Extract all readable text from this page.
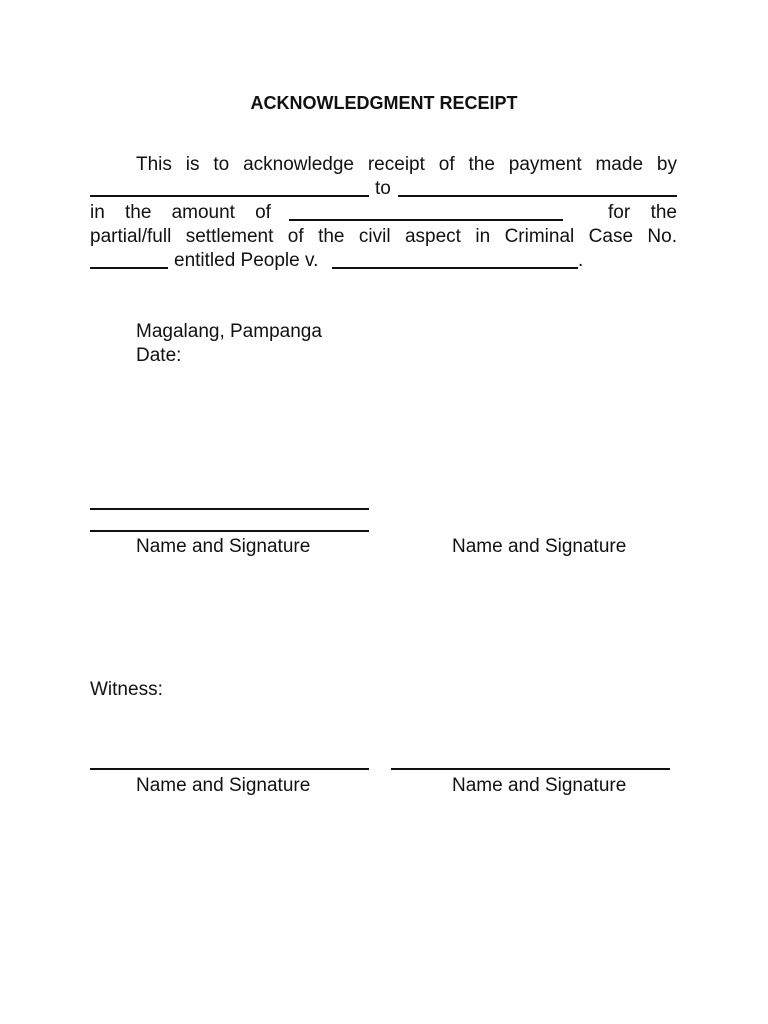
ACKNOWLEDGMENT RECEIPT
This is to acknowledge receipt of the payment made by
to
in the amount of	for the
partial/full settlement of the civil aspect in Criminal Case No.
entitled People v.	.
Magalang, Pampanga
Date:
Name and Signature	Name and Signature
Witness:
Name and Signature	Name and Signature
